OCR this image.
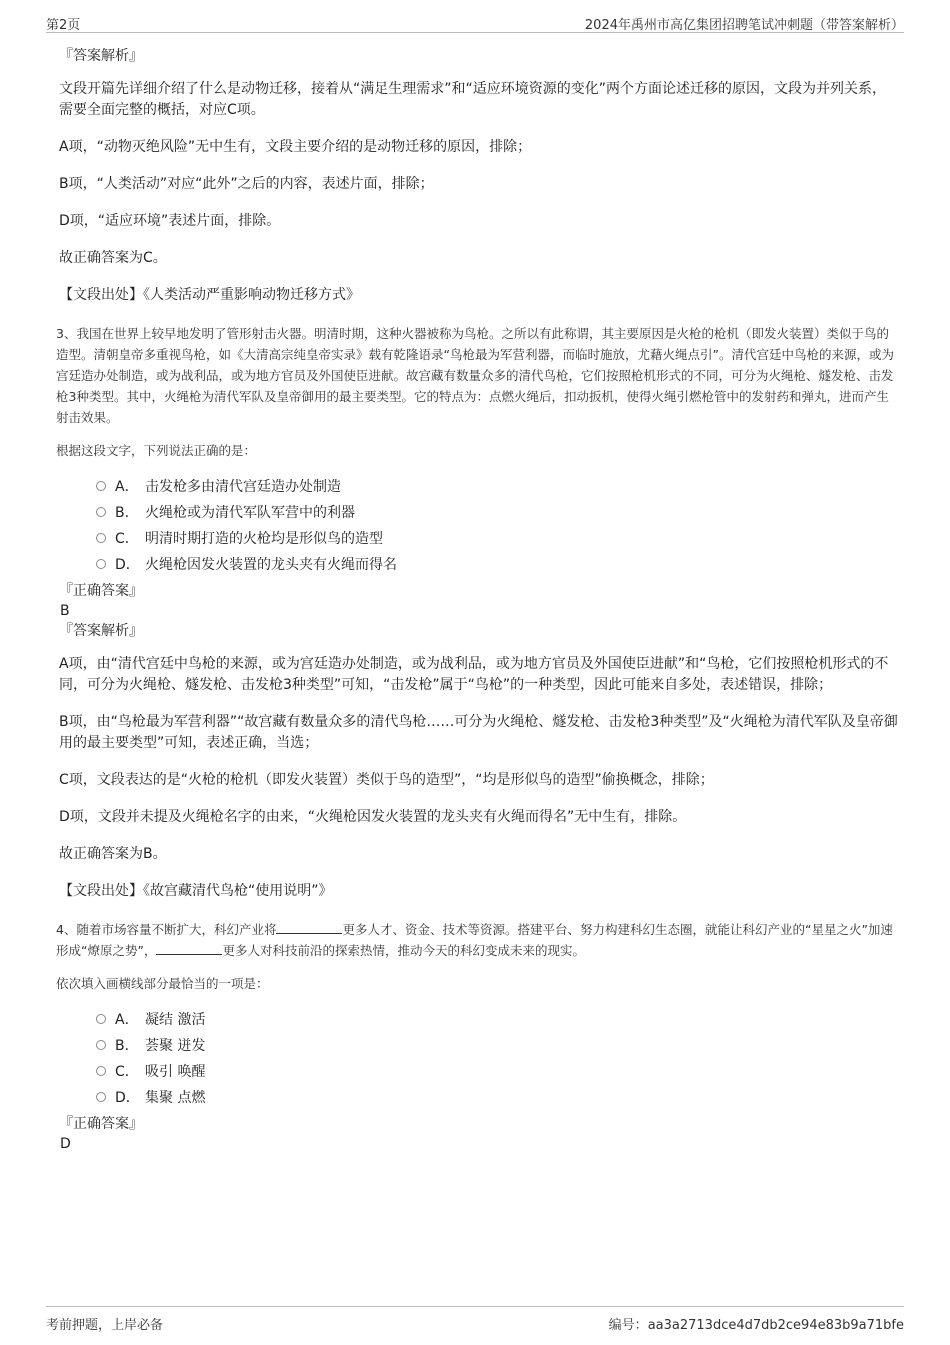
第2页	2024年禹州市高亿集团招聘笔试冲刺题（带答案解析）
『答案解析』

文段开篇先详细介绍了什么是动物迁移，接着从“满足生理需求”和“适应环境资源的变化”两个方面论述迁移的原因，文段为并列关系，需要全面完整的概括，对应C项。

A项，“动物灭绝风险”无中生有，文段主要介绍的是动物迁移的原因，排除；

B项，“人类活动”对应“此外”之后的内容，表述片面，排除；

D项，“适应环境”表述片面，排除。

故正确答案为C。

【文段出处】《人类活动严重影响动物迁移方式》

3、我国在世界上较早地发明了管形射击火器。明清时期，这种火器被称为鸟枪。之所以有此称谓，其主要原因是火枪的枪机（即发火装置）类似于鸟的造型。清朝皇帝多重视鸟枪，如《大清高宗纯皇帝实录》载有乾隆语录“鸟枪最为军营利器，而临时施放，尤藉火绳点引”。清代宫廷中鸟枪的来源，或为宫廷造办处制造，或为战利品，或为地方官员及外国使臣进献。故宫藏有数量众多的清代鸟枪，它们按照枪机形式的不同，可分为火绳枪、燧发枪、击发枪3种类型。其中，火绳枪为清代军队及皇帝御用的最主要类型。它的特点为：点燃火绳后，扣动扳机，使得火绳引燃枪管中的发射药和弹丸，进而产生射击效果。

根据这段文字，下列说法正确的是：
A． 击发枪多由清代宫廷造办处制造
B． 火绳枪或为清代军队军营中的利器
C． 明清时期打造的火枪均是形似鸟的造型
D． 火绳枪因发火装置的龙头夹有火绳而得名
『正确答案』
B
『答案解析』

A项，由“清代宫廷中鸟枪的来源，或为宫廷造办处制造，或为战利品，或为地方官员及外国使臣进献”和“鸟枪，它们按照枪机形式的不同，可分为火绳枪、燧发枪、击发枪3种类型”可知，“击发枪”属于“鸟枪”的一种类型，因此可能来自多处，表述错误，排除；

B项，由“鸟枪最为军营利器”“故宫藏有数量众多的清代鸟枪……可分为火绳枪、燧发枪、击发枪3种类型”及“火绳枪为清代军队及皇帝御用的最主要类型”可知，表述正确，当选；

C项，文段表达的是“火枪的枪机（即发火装置）类似于鸟的造型”，“均是形似鸟的造型”偷换概念，排除；

D项，文段并未提及火绳枪名字的由来，“火绳枪因发火装置的龙头夹有火绳而得名”无中生有，排除。

故正确答案为B。

【文段出处】《故宫藏清代鸟枪“使用说明”》

4、随着市场容量不断扩大，科幻产业将	更多人才、资金、技术等资源。搭建平台、努力构建科幻生态圈，就能让科幻产业的“星星之火”加速形成“燎原之势”，	更多人对科技前沿的探索热情，推动今天的科幻变成未来的现实。

依次填入画横线部分最恰当的一项是：
A． 凝结 激活
B． 荟聚 迸发
C． 吸引 唤醒
D． 集聚 点燃
『正确答案』
D
考前押题，上岸必备	编号：aa3a2713dce4d7db2ce94e83b9a71bfe
